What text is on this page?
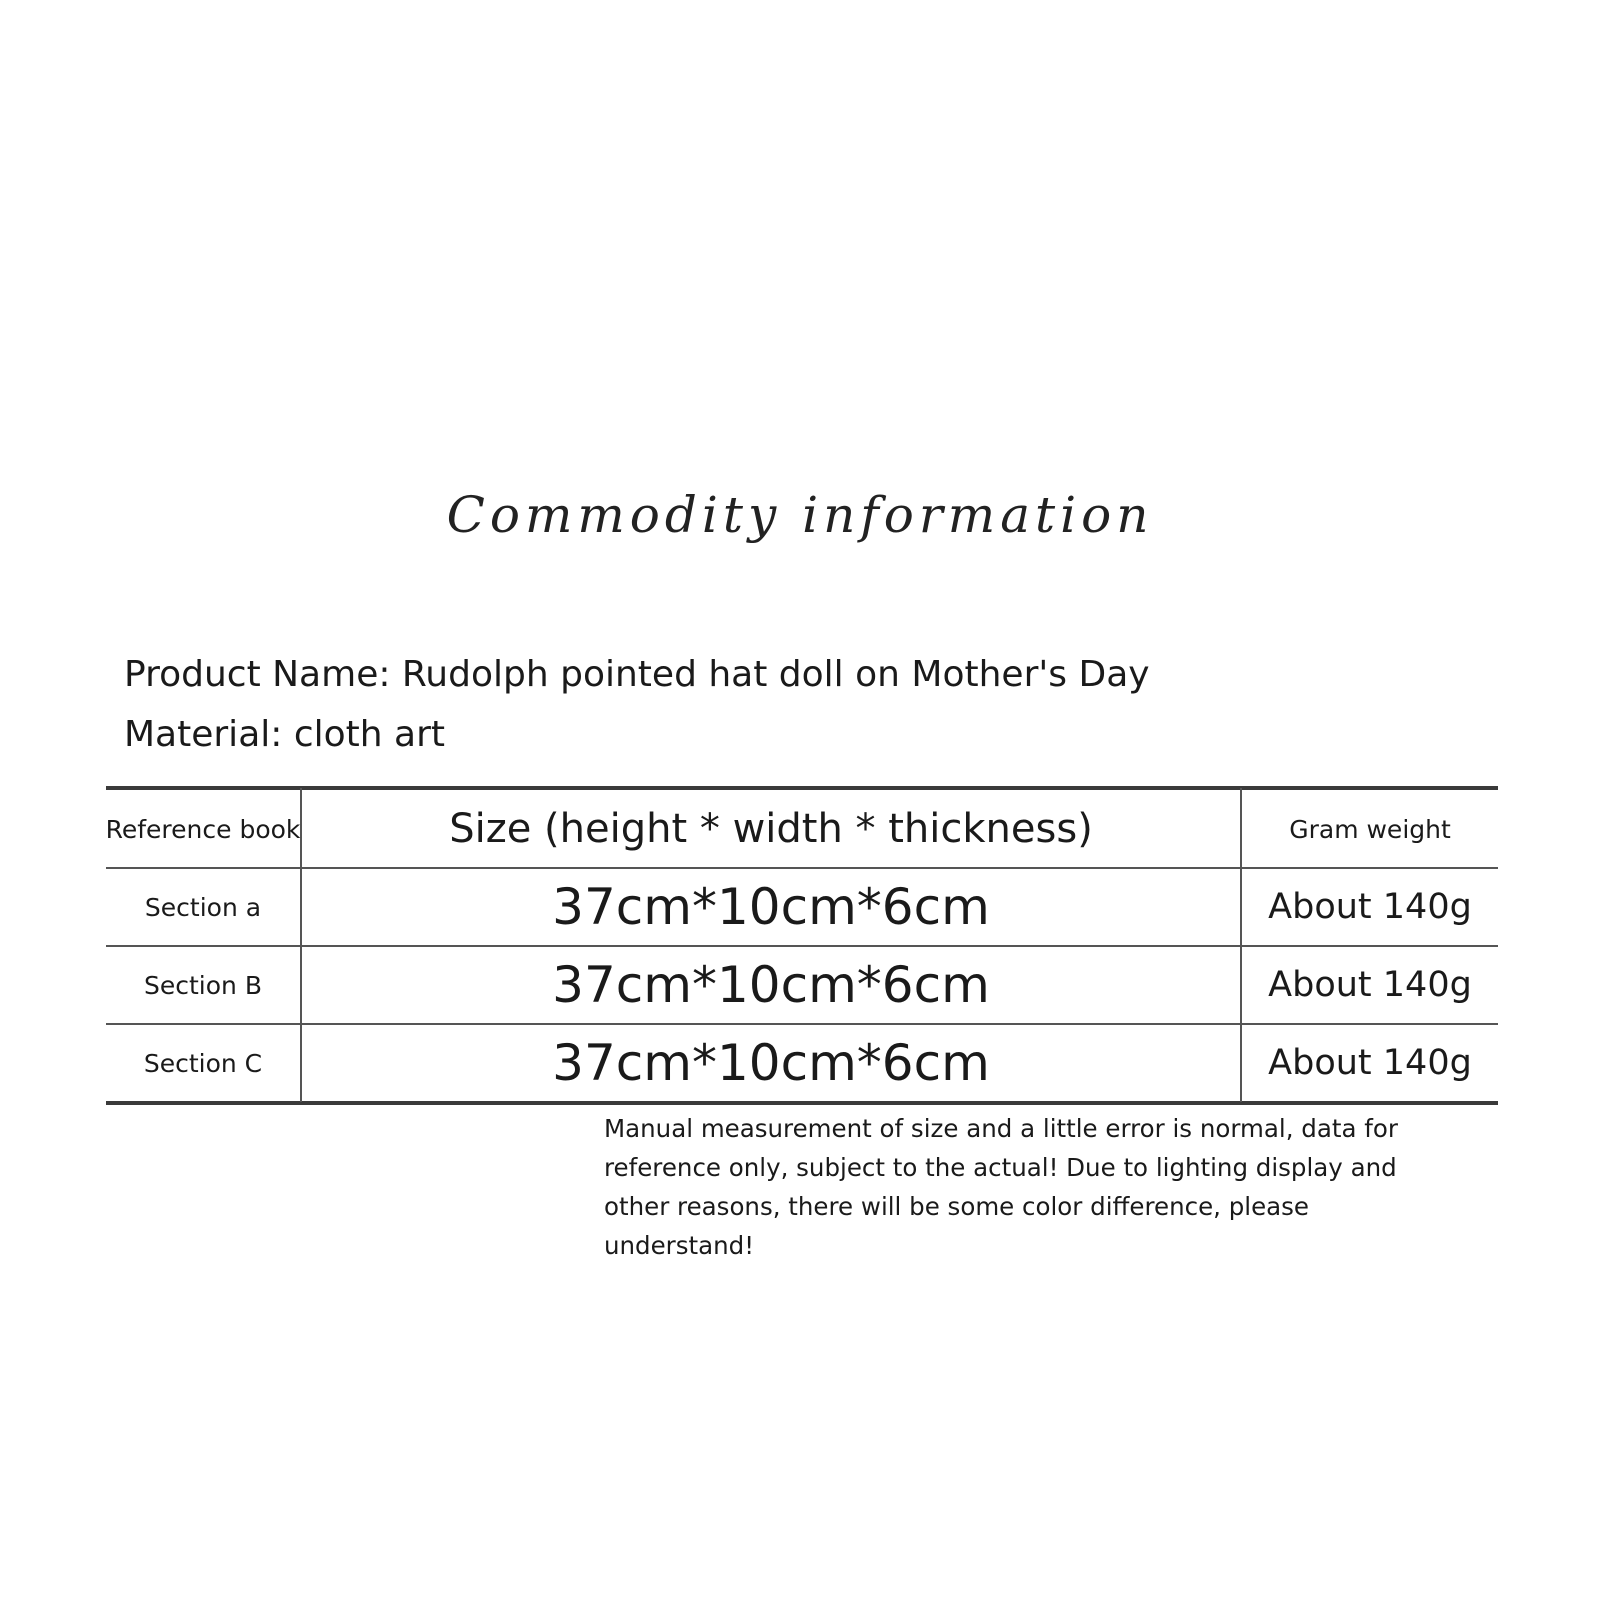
Commodity information
Product Name: Rudolph pointed hat doll on Mother's Day
Material: cloth art
Reference book	Size (height * width * thickness)	Gram weight
Section a	37cm*10cm*6cm	About 140g
Section B	37cm*10cm*6cm	About 140g
Section C	37cm*10cm*6cm	About 140g
Manual measurement of size and a little error is normal, data for reference only, subject to the actual! Due to lighting display and other reasons, there will be some color difference, please understand!
